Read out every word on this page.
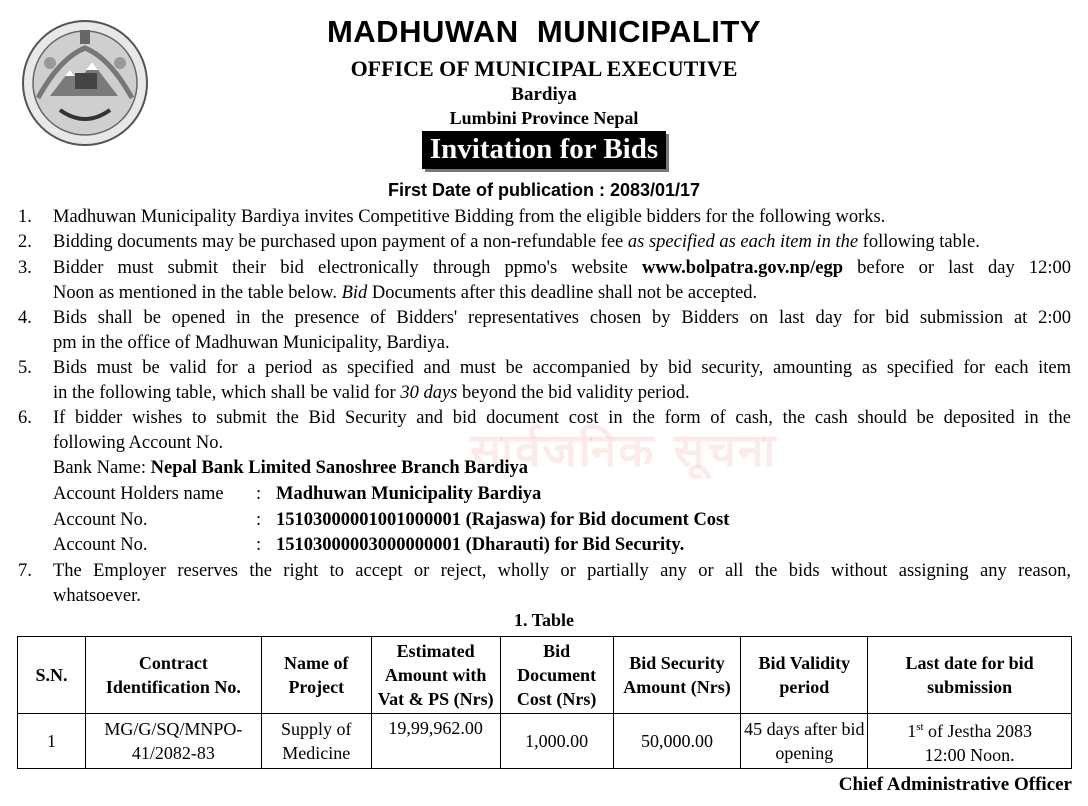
MADHUWAN  MUNICIPALITY
OFFICE OF MUNICIPAL EXECUTIVE
Bardiya
Lumbini Province Nepal
Invitation for Bids
First Date of publication : 2083/01/17
सार्वजनिक सूचना
1. Madhuwan Municipality Bardiya invites Competitive Bidding from the eligible bidders for the following works.
2. Bidding documents may be purchased upon payment of a non-refundable fee as specified as each item in the following table.
3. Bidder must submit their bid electronically through ppmo's website www.bolpatra.gov.np/egp before or last day 12:00
Noon as mentioned in the table below. Bid Documents after this deadline shall not be accepted.
4. Bids shall be opened in the presence of Bidders' representatives chosen by Bidders on last day for bid submission at 2:00
pm in the office of Madhuwan Municipality, Bardiya.
5. Bids must be valid for a period as specified and must be accompanied by bid security, amounting as specified for each item
in the following table, which shall be valid for 30 days beyond the bid validity period.
6. If bidder wishes to submit the Bid Security and bid document cost in the form of cash, the cash should be deposited in the
following Account No.
Bank Name: Nepal Bank Limited Sanoshree Branch Bardiya
Account Holders name : Madhuwan Municipality Bardiya
Account No.	: 15103000001001000001 (Rajaswa) for Bid document Cost
Account No.	: 15103000003000000001 (Dharauti) for Bid Security.
7. The Employer reserves the right to accept or reject, wholly or partially any or all the bids without assigning any reason,
whatsoever.
1. Table
S.N.	Contract Identification No.	Name of Project	Estimated Amount with Vat & PS (Nrs)	Bid Document Cost (Nrs)	Bid Security Amount (Nrs)	Bid Validity period	Last date for bid submission
1	MG/G/SQ/MNPO-41/2082-83	Supply of Medicine	19,99,962.00	1,000.00	50,000.00	45 days after bid opening	1st of Jestha 2083
12:00 Noon.
Chief Administrative Officer
